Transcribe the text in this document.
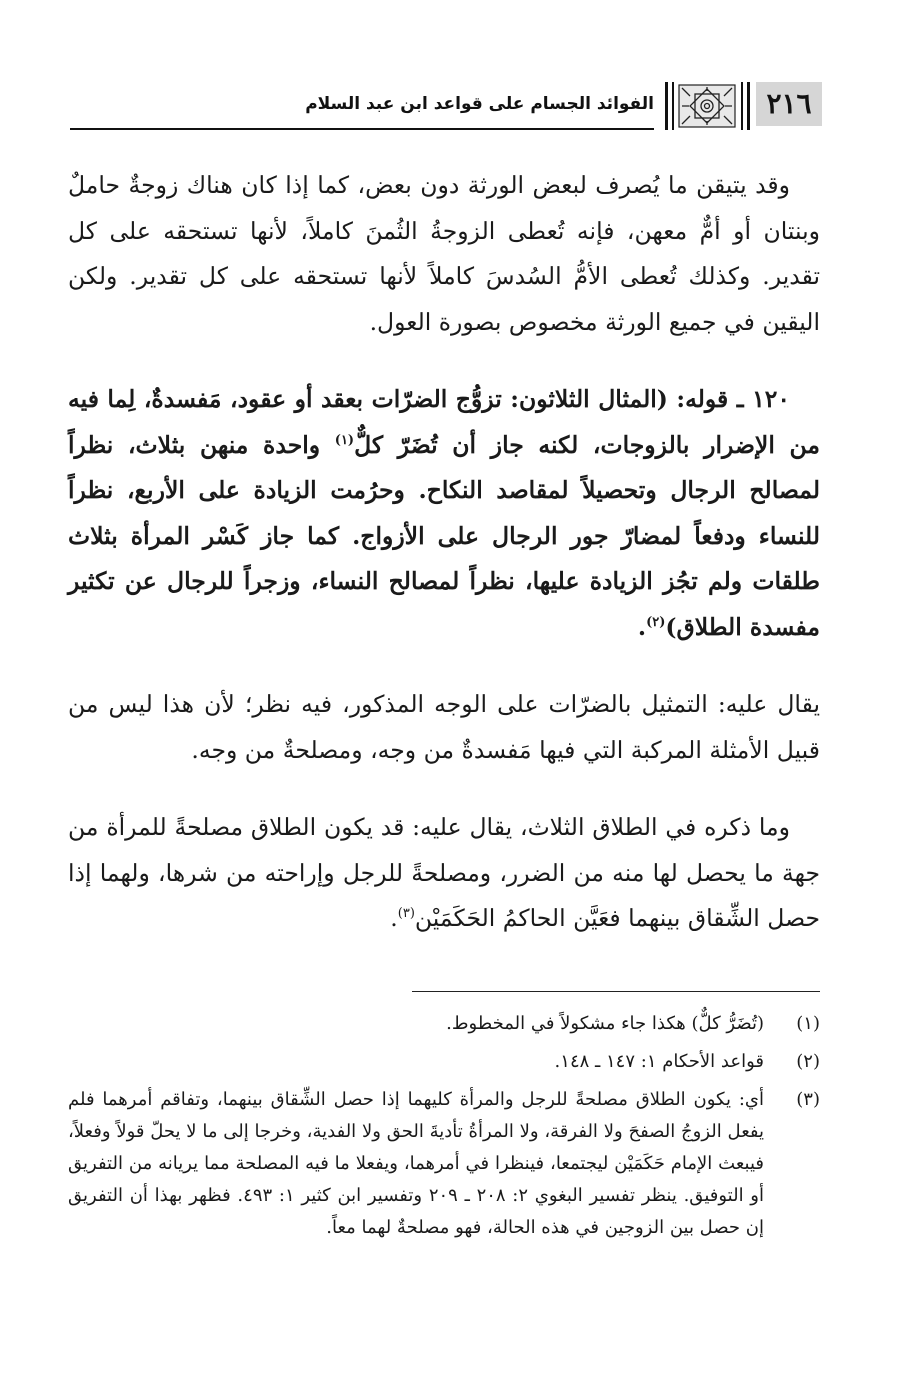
٢١٦
الفوائد الجسام على قواعد ابن عبد السلام

وقد يتيقن ما يُصرف لبعض الورثة دون بعض، كما إذا كان هناك زوجةٌ حاملٌ وبنتان أو أمٌّ معهن، فإنه تُعطى الزوجةُ الثُمنَ كاملاً، لأنها تستحقه على كل تقدير. وكذلك تُعطى الأمُّ السُدسَ كاملاً لأنها تستحقه على كل تقدير. ولكن اليقين في جميع الورثة مخصوص بصورة العول.

١٢٠ ـ قوله: (المثال الثلاثون: تزوُّج الضرّات بعقد أو عقود، مَفسدةٌ، لِما فيه من الإضرار بالزوجات، لكنه جاز أن تُضَرّ كلٌّ$^{(١)}$ واحدة منهن بثلاث، نظراً لمصالح الرجال وتحصيلاً لمقاصد النكاح. وحرُمت الزيادة على الأربع، نظراً للنساء ودفعاً لمضارّ جور الرجال على الأزواج. كما جاز كَسْر المرأة بثلاث طلقات ولم تجُز الزيادة عليها، نظراً لمصالح النساء، وزجراً للرجال عن تكثير مفسدة الطلاق)$^{(٢)}$.

يقال عليه: التمثيل بالضرّات على الوجه المذكور، فيه نظر؛ لأن هذا ليس من قبيل الأمثلة المركبة التي فيها مَفسدةٌ من وجه، ومصلحةٌ من وجه.

وما ذكره في الطلاق الثلاث، يقال عليه: قد يكون الطلاق مصلحةً للمرأة من جهة ما يحصل لها منه من الضرر، ومصلحةً للرجل وإراحته من شرها، ولهما إذا حصل الشِّقاق بينهما فعَيَّن الحاكمُ الحَكَمَيْن$^{(٣)}$.

(١)
(تُضَرُّ كلٌّ) هكذا جاء مشكولاً في المخطوط.

(٢)
قواعد الأحكام ١: ١٤٧ ـ ١٤٨.

(٣)
أي: يكون الطلاق مصلحةً للرجل والمرأة كليهما إذا حصل الشِّقاق بينهما، وتفاقم أمرهما فلم يفعل الزوجُ الصفحَ ولا الفرقة، ولا المرأةُ تأديةَ الحق ولا الفدية، وخرجا إلى ما لا يحلّ قولاً وفعلاً، فيبعث الإمام حَكَمَيْن ليجتمعا، فينظرا في أمرهما، ويفعلا ما فيه المصلحة مما يريانه من التفريق أو التوفيق. ينظر تفسير البغوي ٢: ٢٠٨ ـ ٢٠٩ وتفسير ابن كثير ١: ٤٩٣. فظهر بهذا أن التفريق إن حصل بين الزوجين في هذه الحالة، فهو مصلحةٌ لهما معاً.
